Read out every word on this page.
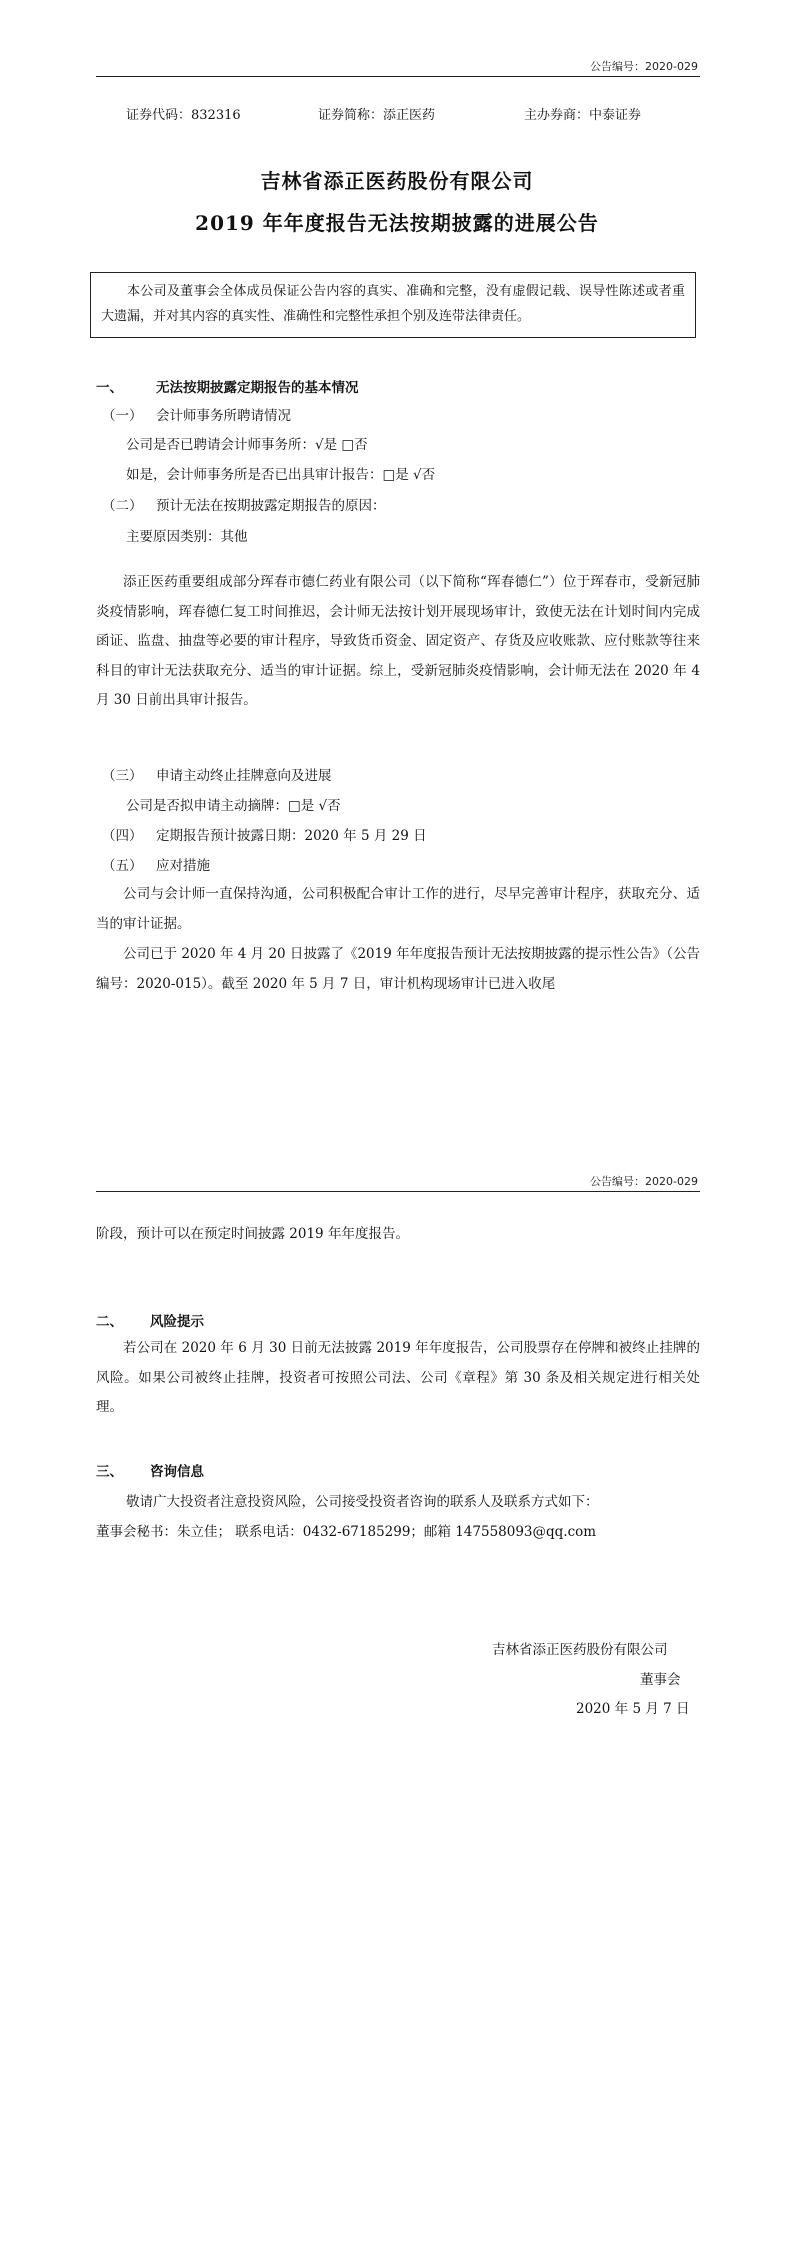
公告编号：2020-029
证券代码：832316	证券简称：添正医药	主办券商：中泰证券
吉林省添正医药股份有限公司
2019 年年度报告无法按期披露的进展公告
本公司及董事会全体成员保证公告内容的真实、准确和完整，没有虚假记载、误导性陈述或者重大遗漏，并对其内容的真实性、准确性和完整性承担个别及连带法律责任。
一、 无法按期披露定期报告的基本情况
（一） 会计师事务所聘请情况
公司是否已聘请会计师事务所：√是 □否
如是，会计师事务所是否已出具审计报告：□是 √否
（二） 预计无法在按期披露定期报告的原因：
主要原因类别：其他
添正医药重要组成部分珲春市德仁药业有限公司（以下简称“珲春德仁”）位于珲春市，受新冠肺炎疫情影响，珲春德仁复工时间推迟，会计师无法按计划开展现场审计，致使无法在计划时间内完成函证、监盘、抽盘等必要的审计程序，导致货币资金、固定资产、存货及应收账款、应付账款等往来科目的审计无法获取充分、适当的审计证据。综上，受新冠肺炎疫情影响，会计师无法在 2020 年 4 月 30 日前出具审计报告。
（三） 申请主动终止挂牌意向及进展
公司是否拟申请主动摘牌：□是 √否
（四） 定期报告预计披露日期：2020 年 5 月 29 日
（五） 应对措施
公司与会计师一直保持沟通，公司积极配合审计工作的进行，尽早完善审计程序，获取充分、适当的审计证据。
公司已于 2020 年 4 月 20 日披露了《2019 年年度报告预计无法按期披露的提示性公告》（公告编号：2020-015）。截至 2020 年 5 月 7 日，审计机构现场审计已进入收尾
公告编号：2020-029
阶段，预计可以在预定时间披露 2019 年年度报告。
二、 风险提示
若公司在 2020 年 6 月 30 日前无法披露 2019 年年度报告，公司股票存在停牌和被终止挂牌的风险。如果公司被终止挂牌，投资者可按照公司法、公司《章程》第 30 条及相关规定进行相关处理。
三、 咨询信息
敬请广大投资者注意投资风险，公司接受投资者咨询的联系人及联系方式如下：
董事会秘书：朱立佳； 联系电话：0432-67185299；邮箱 147558093@qq.com
吉林省添正医药股份有限公司
董事会
2020 年 5 月 7 日
